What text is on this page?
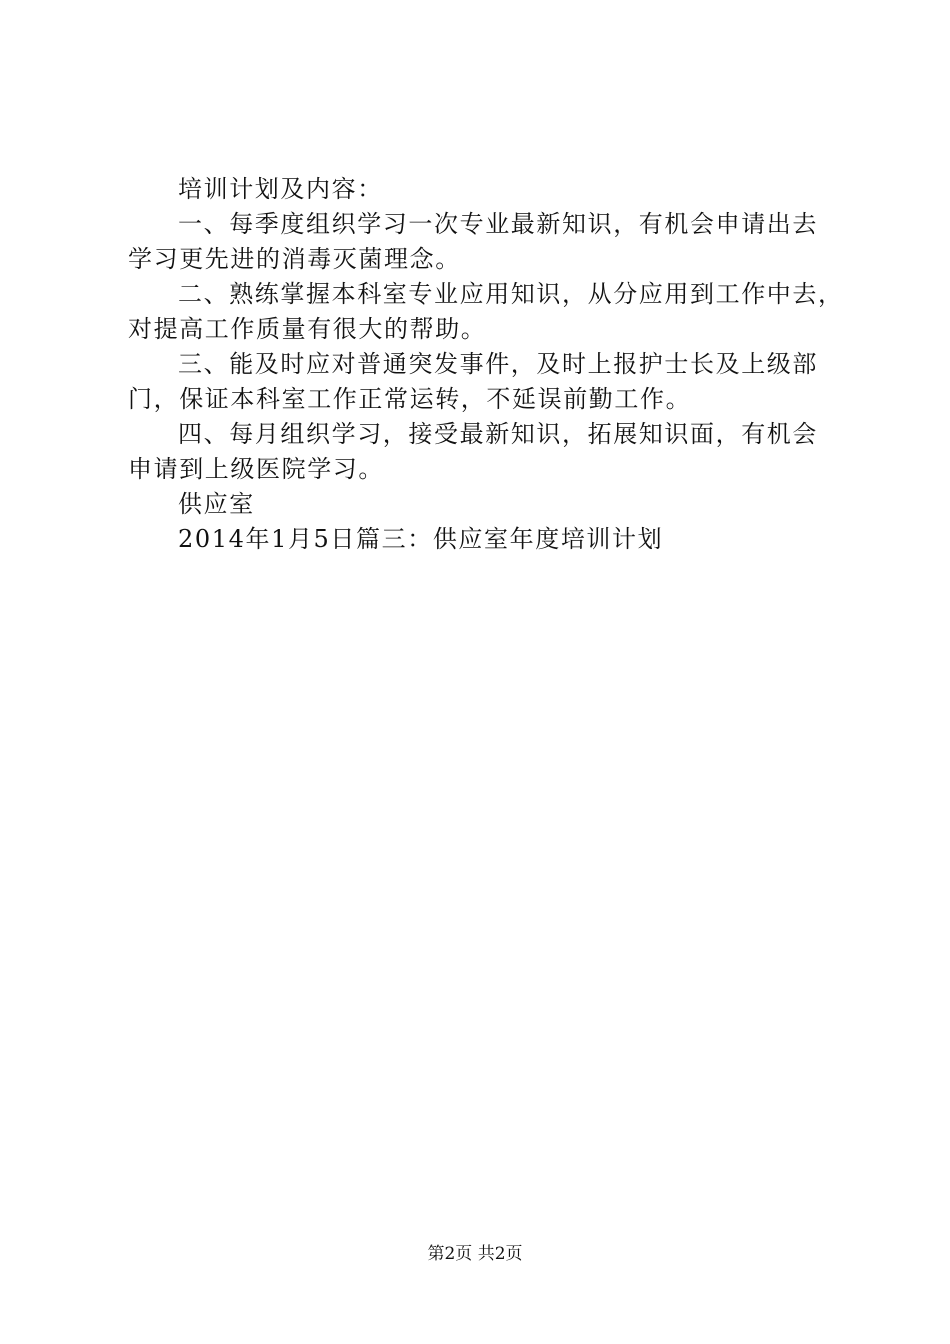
培训计划及内容：
一、每季度组织学习一次专业最新知识，有机会申请出去
学习更先进的消毒灭菌理念。
二、熟练掌握本科室专业应用知识，从分应用到工作中去，
对提高工作质量有很大的帮助。
三、能及时应对普通突发事件，及时上报护士长及上级部
门，保证本科室工作正常运转，不延误前勤工作。
四、每月组织学习，接受最新知识，拓展知识面，有机会
申请到上级医院学习。
供应室
2014年1月5日篇三：供应室年度培训计划
第2页 共2页
